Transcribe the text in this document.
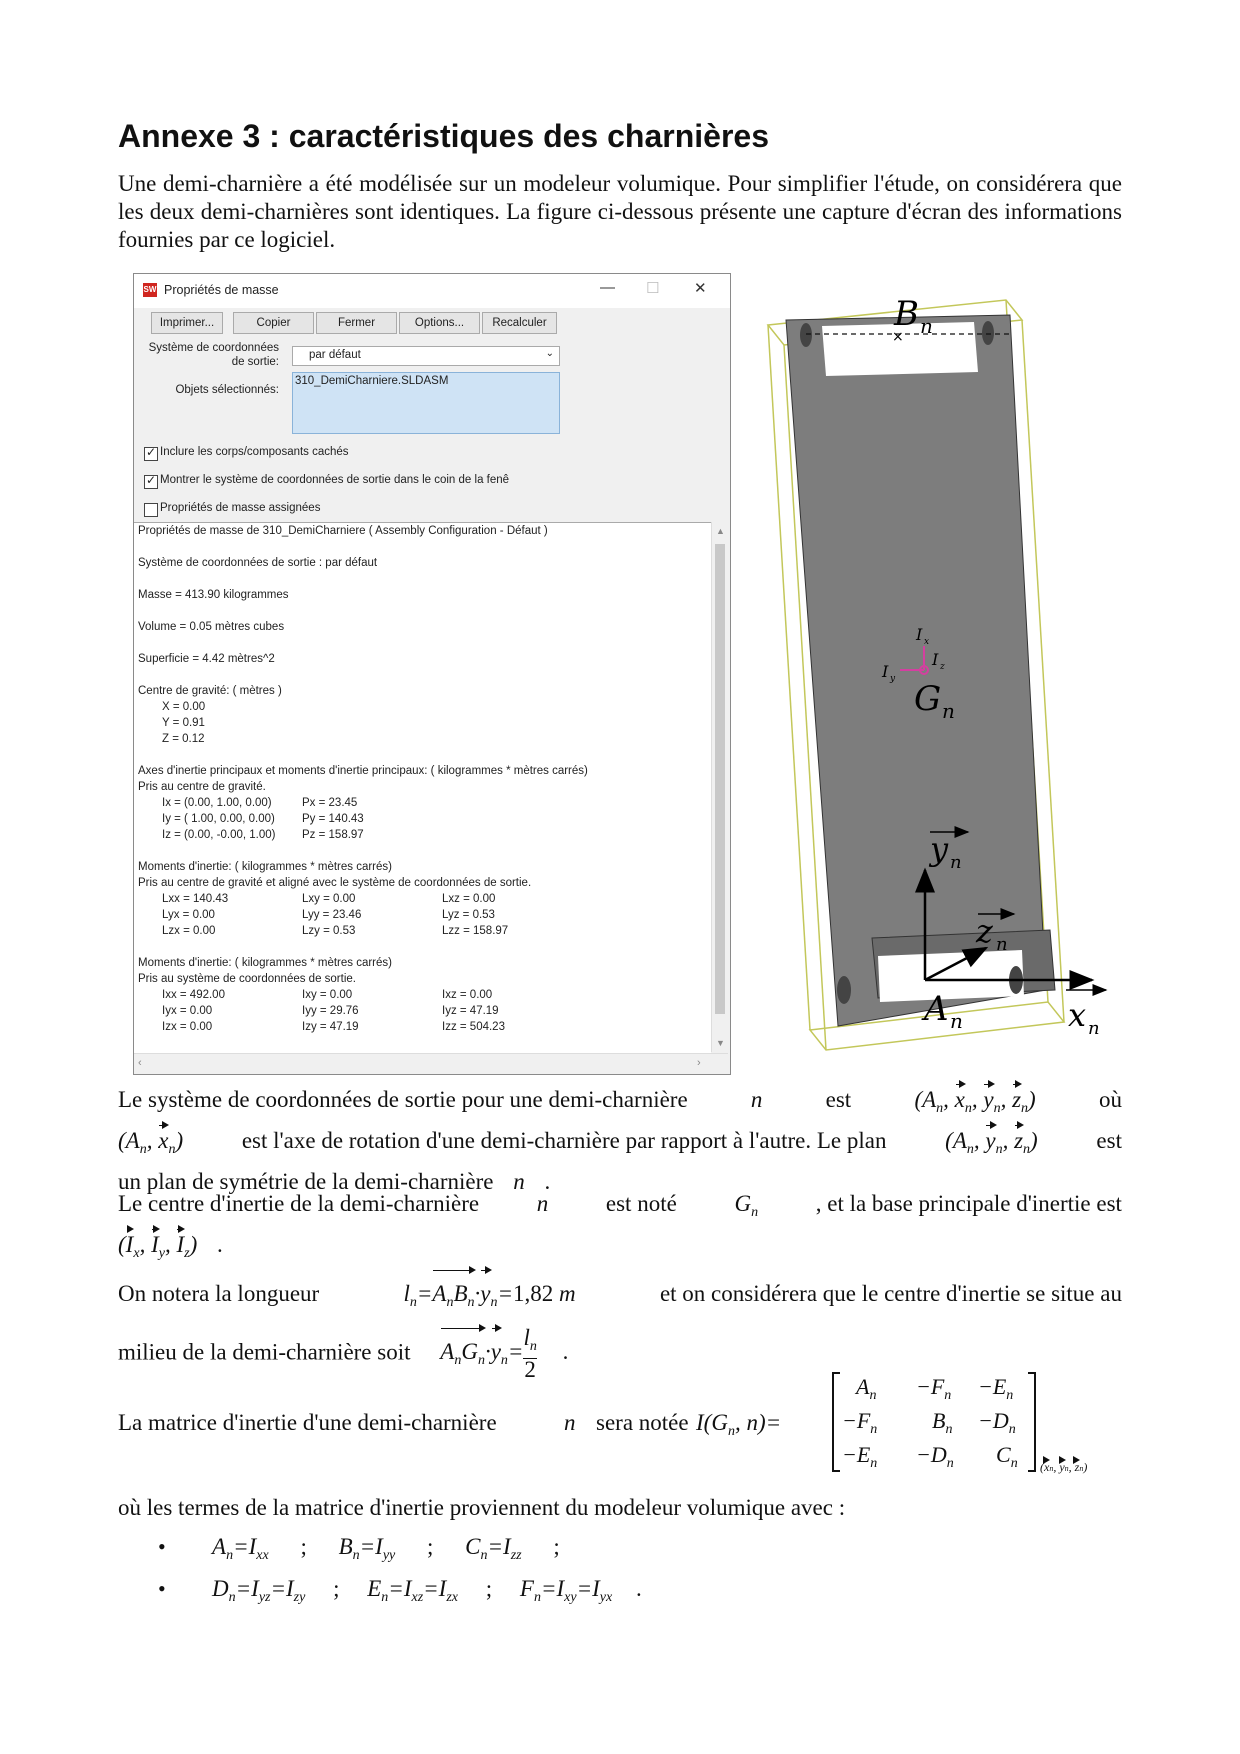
Annexe 3 : caractéristiques des charnières
Une demi-charnière a été modélisée sur un modeleur volumique. Pour simplifier l'étude, on considérera que les deux demi-charnières sont identiques. La figure ci-dessous présente une capture d'écran des informations fournies par ce logiciel.
SW Propriétés de masse	— ☐ ✕
Imprimer...	Copier	Fermer	Options...	Recalculer
Système de coordonnées
de sortie:
par défaut	⌄
Objets sélectionnés:
310_DemiCharniere.SLDASM
✓ Inclure les corps/composants cachés
✓ Montrer le système de coordonnées de sortie dans le coin de la fenê
Propriétés de masse assignées
Propriétés de masse de 310_DemiCharniere ( Assembly Configuration - Défaut )
Système de coordonnées de sortie : par défaut
Masse = 413.90 kilogrammes
Volume = 0.05 mètres cubes
Superficie = 4.42 mètres^2
Centre de gravité: ( mètres )
X = 0.00
Y = 0.91
Z = 0.12
Axes d'inertie principaux et moments d'inertie principaux: ( kilogrammes * mètres carrés)
Pris au centre de gravité.
Ix = (0.00, 1.00, 0.00)	Px = 23.45
Iy = ( 1.00, 0.00, 0.00) Py = 140.43
Iz = (0.00, -0.00, 1.00) Pz = 158.97
Moments d'inertie: ( kilogrammes * mètres carrés)
Pris au centre de gravité et aligné avec le système de coordonnées de sortie.
Lxx = 140.43	Lxy = 0.00	Lxz = 0.00
Lyx = 0.00	Lyy = 23.46	Lyz = 0.53
Lzx = 0.00	Lzy = 0.53	Lzz = 158.97
Moments d'inertie: ( kilogrammes * mètres carrés)
Pris au système de coordonnées de sortie.
Ixx = 492.00	Ixy = 0.00	Ixz = 0.00
Iyx = 0.00	Iyy = 29.76	Iyz = 47.19
Izx = 0.00	Izy = 47.19	Izz = 504.23
▲
▼
‹	›
×
B n
I x
I y
I z
G n
y n
z n
x n
A n
Le système de coordonnées de sortie pour une demi-charnière	n	est	($A_n$, $x_n$, $y_n$, $z_n$)	où
($A_n$, $x_n$)	est l'axe de rotation d'une demi-charnière par rapport à l'autre. Le plan	($A_n$, $y_n$, $z_n$)	est
un plan de symétrie de la demi-charnière n .
Le centre d'inertie de la demi-charnière	n	est noté	$G_n$	, et la base principale d'inertie est
($I_x$, $I_y$, $I_z$) .
On notera la longueur	$l_n=A_nB_n\cdot y_n=1,82$ m	et on considérera que le centre d'inertie se situe au
milieu de la demi-charnière soit $A_nG_n\cdot y_n= \frac{l_n}{2}$ .
La matrice d'inertie d'une demi-charnière	n sera notée $I(G_n$, n)=
$A_n -F_n -E_n$
$-F_n$ $B_n -D_n$
$-E_n -D_n$ $C_n$ (xn, yn, zn)
où les termes de la matrice d'inertie proviennent du modeleur volumique avec :
• $A_n=I_{xx}$ ; $B_n=I_{yy}$ ; $C_n=I_{zz}$ ;
• $D_n=I_{yz}=I_{zy}$ ; $E_n=I_{xz}=I_{zx}$ ; $F_n=I_{xy}=I_{yx}$ .
